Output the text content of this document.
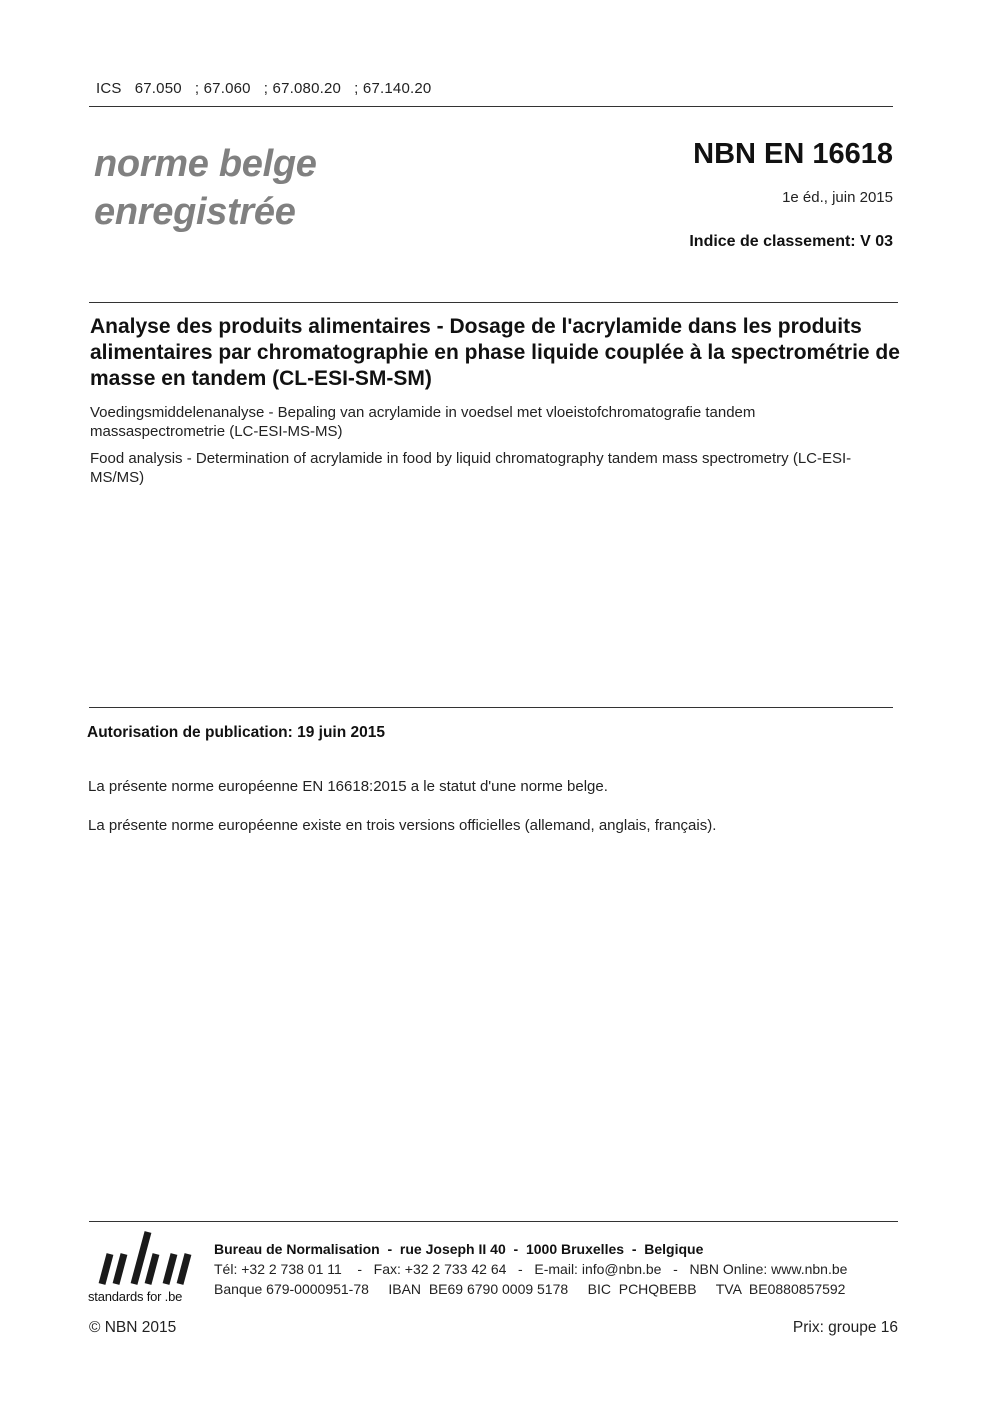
ICS   67.050   ; 67.060   ; 67.080.20   ; 67.140.20
norme belge
enregistrée
NBN EN 16618
1e éd., juin 2015
Indice de classement: V 03
Analyse des produits alimentaires - Dosage de l'acrylamide dans les produits alimentaires par chromatographie en phase liquide couplée à la spectrométrie de masse en tandem (CL-ESI-SM-SM)
Voedingsmiddelenanalyse - Bepaling van acrylamide in voedsel met vloeistofchromatografie tandem massaspectrometrie (LC-ESI-MS-MS)
Food analysis - Determination of acrylamide in food by liquid chromatography tandem mass spectrometry (LC-ESI-MS/MS)
Autorisation de publication: 19 juin 2015
La présente norme européenne EN 16618:2015 a le statut d'une norme belge.
La présente norme européenne existe en trois versions officielles (allemand, anglais, français).
standards for .be
Bureau de Normalisation  -  rue Joseph II 40  -  1000 Bruxelles  -  Belgique
Tél: +32 2 738 01 11    -   Fax: +32 2 733 42 64   -   E-mail: info@nbn.be   -   NBN Online: www.nbn.be
Banque 679-0000951-78     IBAN  BE69 6790 0009 5178     BIC  PCHQBEBB     TVA  BE0880857592
© NBN 2015	Prix: groupe 16
